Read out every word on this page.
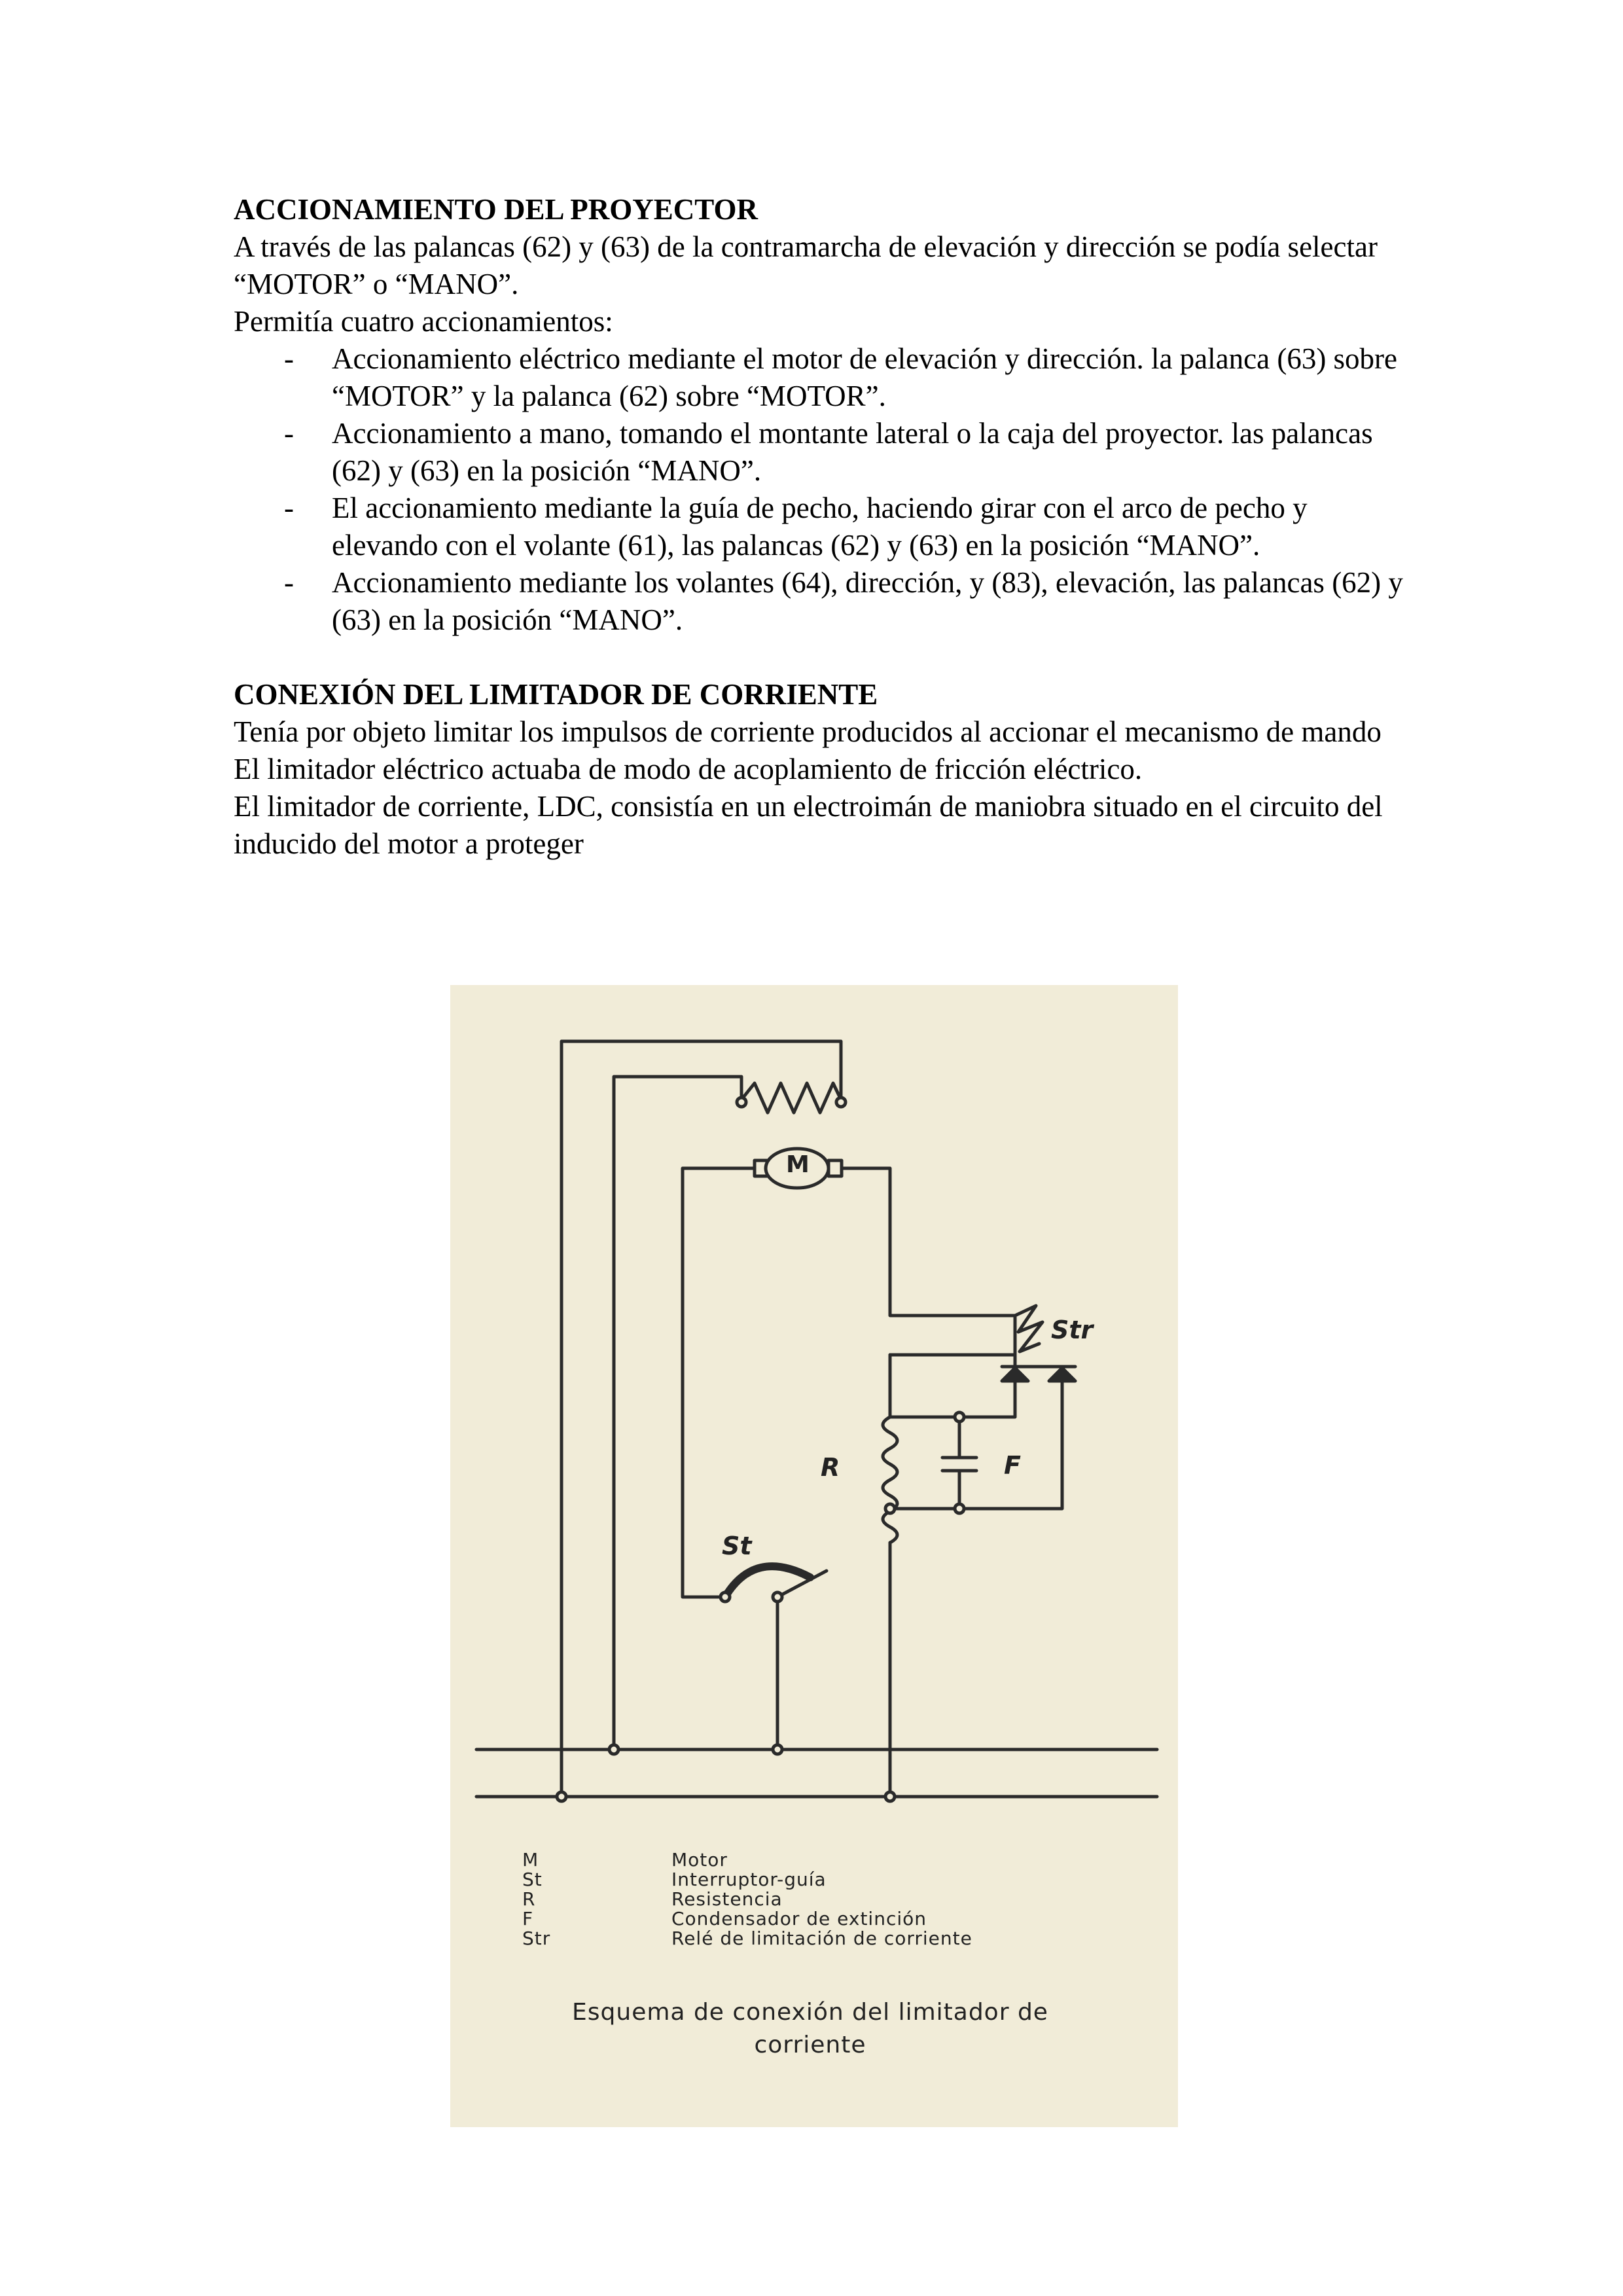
ACCIONAMIENTO DEL PROYECTOR

A través de las palancas (62) y (63) de la contramarcha de elevación y dirección se podía selectar “MOTOR” o “MANO”.

Permitía cuatro accionamientos:

- Accionamiento eléctrico mediante el motor de elevación y dirección. la palanca (63) sobre “MOTOR” y la palanca (62) sobre “MOTOR”.
- Accionamiento a mano, tomando el montante lateral o la caja del proyector. las palancas (62) y (63) en la posición “MANO”.
- El accionamiento mediante la guía de pecho, haciendo girar con el arco de pecho y elevando con el volante (61), las palancas (62) y (63) en la posición “MANO”.
- Accionamiento mediante los volantes (64), dirección, y (83), elevación, las palancas (62) y (63) en la posición “MANO”.

CONEXIÓN DEL LIMITADOR DE CORRIENTE

Tenía por objeto limitar los impulsos de corriente producidos al accionar el mecanismo de mando

El limitador eléctrico actuaba de modo de acoplamiento de fricción eléctrico.

El limitador de corriente, LDC, consistía en un electroimán de maniobra situado en el circuito del inducido del motor a proteger

M
Str
R	F
St
M	Motor
St	Interruptor-guía
R	Resistencia
F	Condensador de extinción
Str	Relé de limitación de corriente
Esquema de conexión del limitador de corriente
